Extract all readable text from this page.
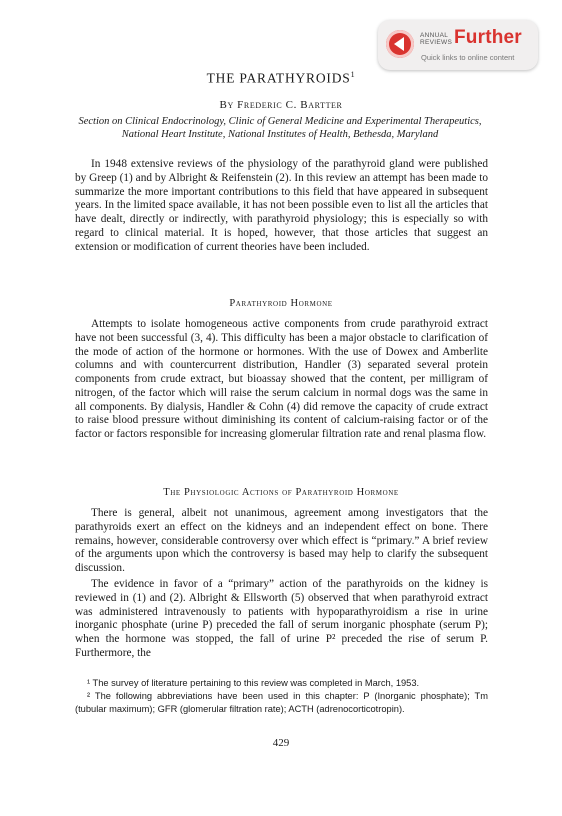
ANNUAL
REVIEWS Further
Quick links to online content
THE PARATHYROIDS$^1$
By Frederic C. Bartter
Section on Clinical Endocrinology, Clinic of General Medicine and Experimental Therapeutics, National Heart Institute, National Institutes of Health, Bethesda, Maryland
In 1948 extensive reviews of the physiology of the parathyroid gland were published by Greep (1) and by Albright & Reifenstein (2). In this review an attempt has been made to summarize the more important contributions to this field that have appeared in subsequent years. In the limited space available, it has not been possible even to list all the articles that have dealt, directly or indirectly, with parathyroid physiology; this is especially so with regard to clinical material. It is hoped, however, that those articles that suggest an extension or modification of current theories have been included.
Parathyroid Hormone
Attempts to isolate homogeneous active components from crude parathyroid extract have not been successful (3, 4). This difficulty has been a major obstacle to clarification of the mode of action of the hormone or hormones. With the use of Dowex and Amberlite columns and with countercurrent distribution, Handler (3) separated several protein components from crude extract, but bioassay showed that the content, per milligram of nitrogen, of the factor which will raise the serum calcium in normal dogs was the same in all components. By dialysis, Handler & Cohn (4) did remove the capacity of crude extract to raise blood pressure without diminishing its content of calcium-raising factor or of the factor or factors responsible for increasing glomerular filtration rate and renal plasma flow.
The Physiologic Actions of Parathyroid Hormone
There is general, albeit not unanimous, agreement among investigators that the parathyroids exert an effect on the kidneys and an independent effect on bone. There remains, however, considerable controversy over which effect is “primary.” A brief review of the arguments upon which the controversy is based may help to clarify the subsequent discussion.
The evidence in favor of a “primary” action of the parathyroids on the kidney is reviewed in (1) and (2). Albright & Ellsworth (5) observed that when parathyroid extract was administered intravenously to patients with hypoparathyroidism a rise in urine inorganic phosphate (urine P) preceded the fall of serum inorganic phosphate (serum P); when the hormone was stopped, the fall of urine P² preceded the rise of serum P. Furthermore, the
¹ The survey of literature pertaining to this review was completed in March, 1953.
² The following abbreviations have been used in this chapter: P (Inorganic phosphate); Tm (tubular maximum); GFR (glomerular filtration rate); ACTH (adrenocorticotropin).
429
